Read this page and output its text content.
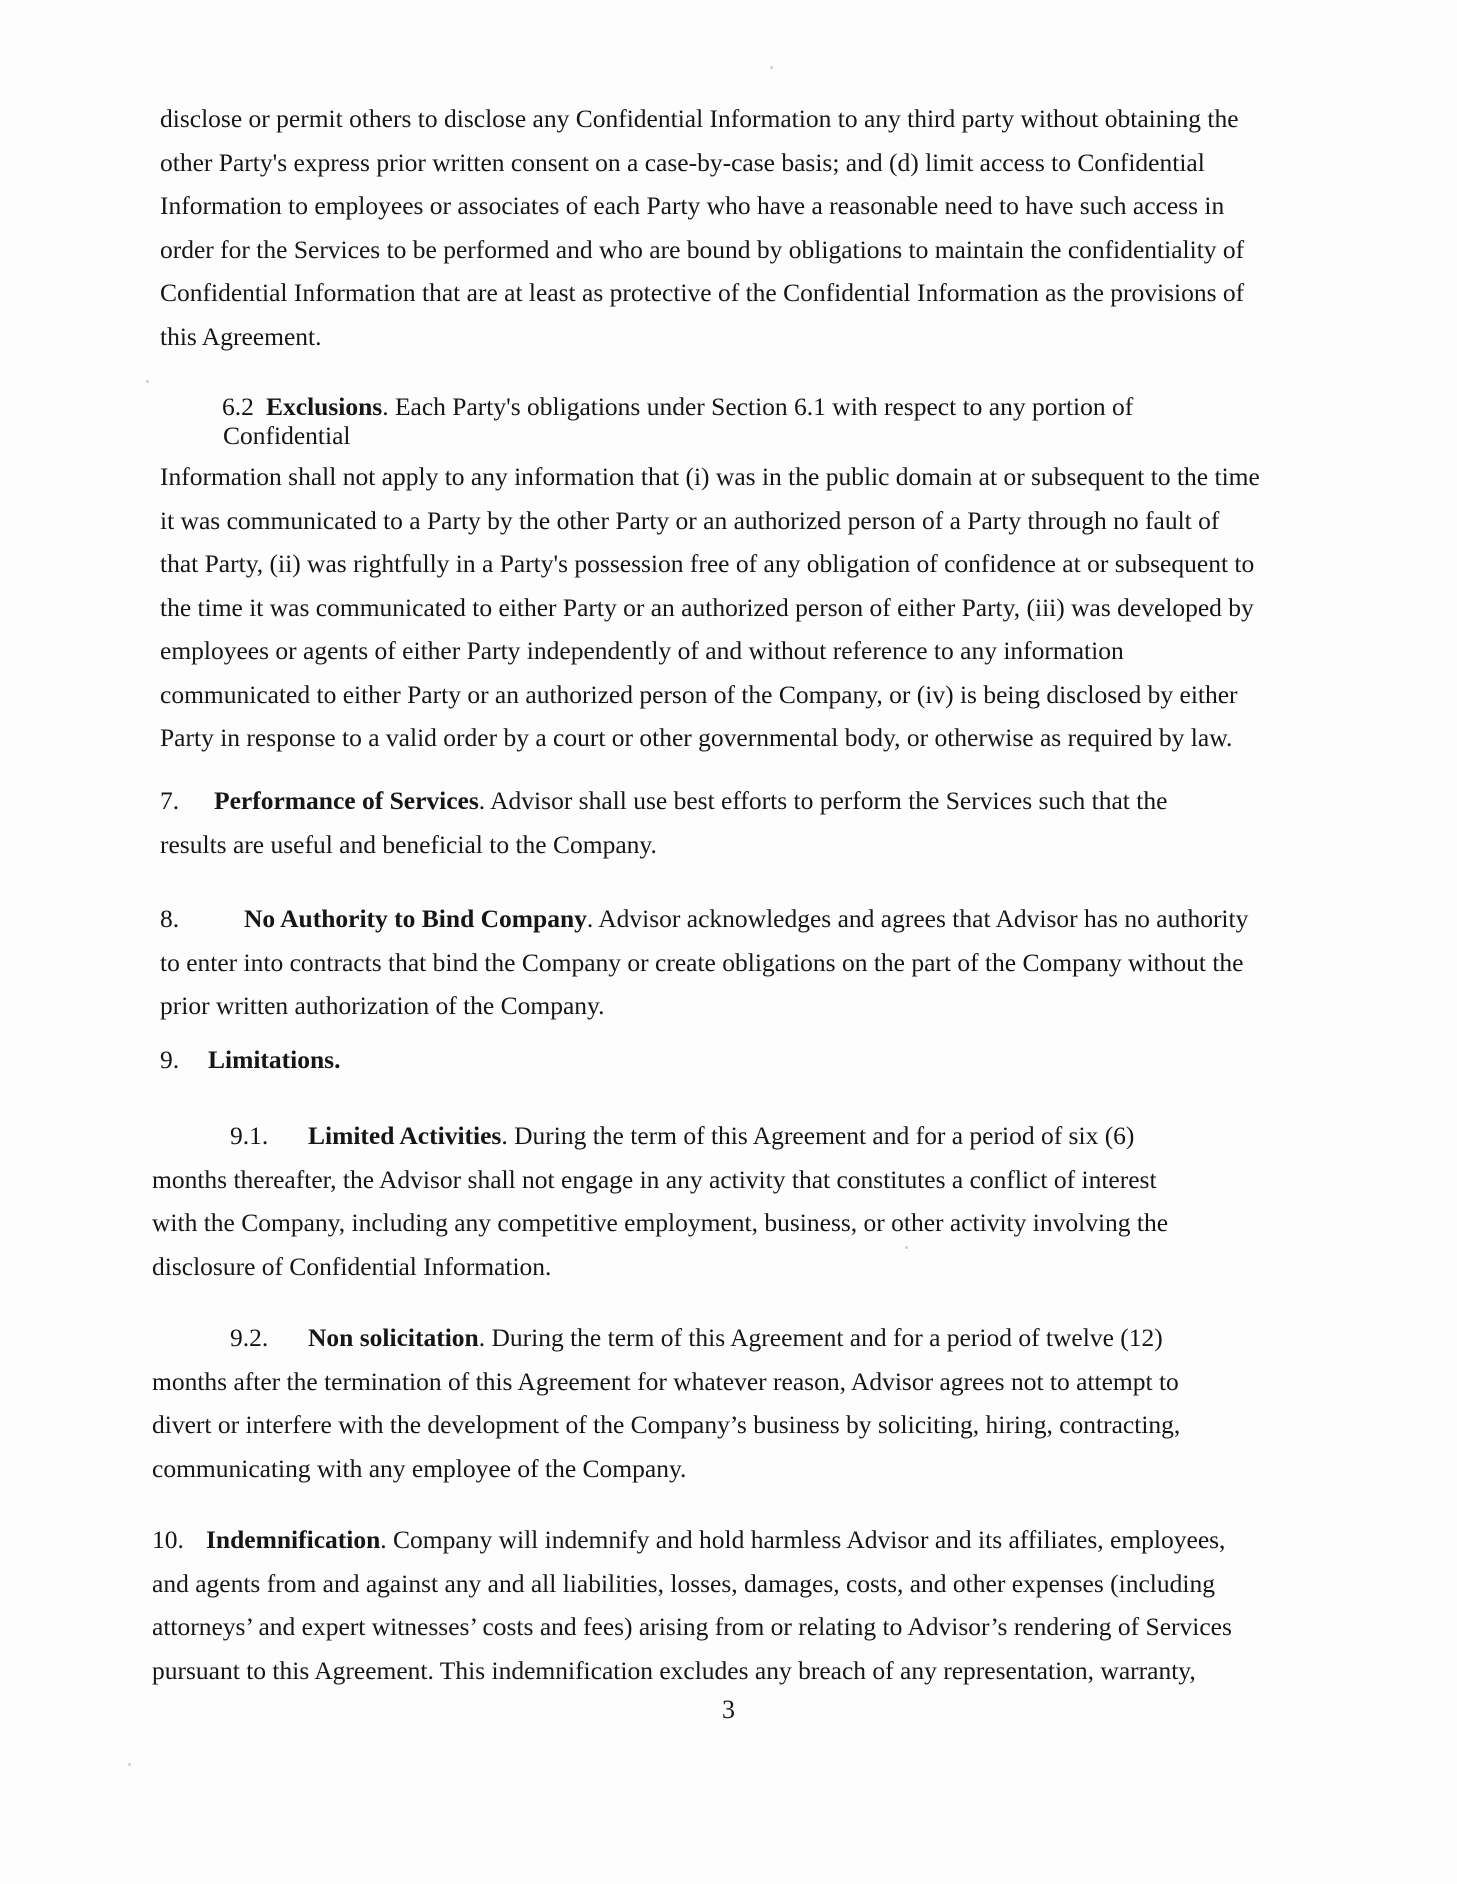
disclose or permit others to disclose any Confidential Information to any third party without obtaining the
other Party's express prior written consent on a case-by-case basis; and (d) limit access to Confidential
Information to employees or associates of each Party who have a reasonable need to have such access in
order for the Services to be performed and who are bound by obligations to maintain the confidentiality of
Confidential Information that are at least as protective of the Confidential Information as the provisions of
this Agreement.
6.2 Exclusions. Each Party's obligations under Section 6.1 with respect to any portion of
Confidential
Information shall not apply to any information that (i) was in the public domain at or subsequent to the time
it was communicated to a Party by the other Party or an authorized person of a Party through no fault of
that Party, (ii) was rightfully in a Party's possession free of any obligation of confidence at or subsequent to
the time it was communicated to either Party or an authorized person of either Party, (iii) was developed by
employees or agents of either Party independently of and without reference to any information
communicated to either Party or an authorized person of the Company, or (iv) is being disclosed by either
Party in response to a valid order by a court or other governmental body, or otherwise as required by law.
7. Performance of Services. Advisor shall use best efforts to perform the Services such that the
results are useful and beneficial to the Company.
8.	No Authority to Bind Company. Advisor acknowledges and agrees that Advisor has no authority
to enter into contracts that bind the Company or create obligations on the part of the Company without the
prior written authorization of the Company.
9. Limitations.
9.1. Limited Activities. During the term of this Agreement and for a period of six (6)
months thereafter, the Advisor shall not engage in any activity that constitutes a conflict of interest
with the Company, including any competitive employment, business, or other activity involving the
disclosure of Confidential Information.
9.2. Non solicitation. During the term of this Agreement and for a period of twelve (12)
months after the termination of this Agreement for whatever reason, Advisor agrees not to attempt to
divert or interfere with the development of the Company’s business by soliciting, hiring, contracting,
communicating with any employee of the Company.
10. Indemnification. Company will indemnify and hold harmless Advisor and its affiliates, employees,
and agents from and against any and all liabilities, losses, damages, costs, and other expenses (including
attorneys’ and expert witnesses’ costs and fees) arising from or relating to Advisor’s rendering of Services
pursuant to this Agreement. This indemnification excludes any breach of any representation, warranty,
3
